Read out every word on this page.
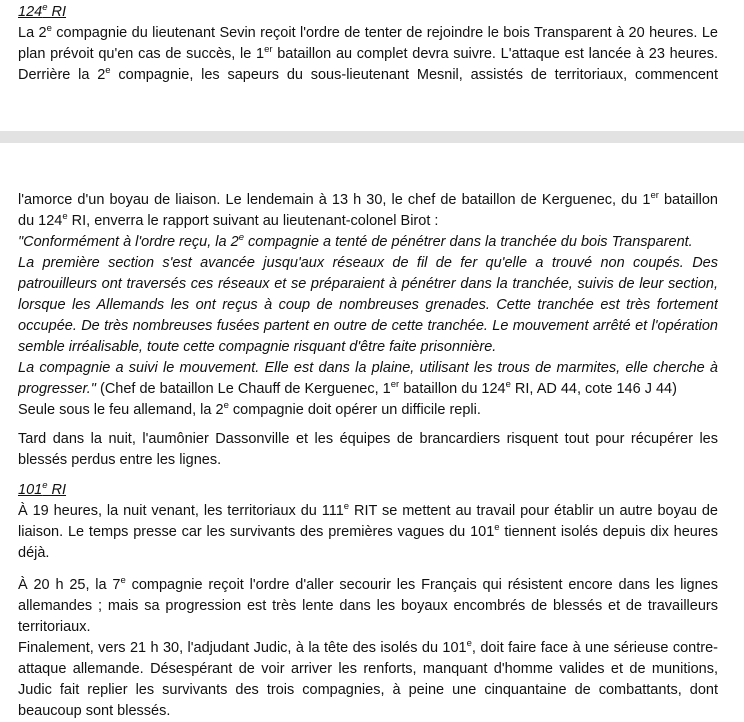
124e RI
La 2e compagnie du lieutenant Sevin reçoit l'ordre de tenter de rejoindre le bois Transparent à 20 heures. Le
plan prévoit qu'en cas de succès, le 1er bataillon au complet devra suivre. L'attaque est lancée à 23 heures.
Derrière la 2e compagnie, les sapeurs du sous-lieutenant Mesnil, assistés de territoriaux, commencent
l'amorce d'un boyau de liaison. Le lendemain à 13 h 30, le chef de bataillon de Kerguenec, du 1er bataillon
du 124e RI, enverra le rapport suivant au lieutenant-colonel Birot :
"Conformément à l'ordre reçu, la 2e compagnie a tenté de pénétrer dans la tranchée du bois Transparent.
La première section s'est avancée jusqu'aux réseaux de fil de fer qu'elle a trouvé non coupés. Des
patrouilleurs ont traversés ces réseaux et se préparaient à pénétrer dans la tranchée, suivis de leur section,
lorsque les Allemands les ont reçus à coup de nombreuses grenades. Cette tranchée est très fortement
occupée. De très nombreuses fusées partent en outre de cette tranchée. Le mouvement arrêté et l'opération
semble irréalisable, toute cette compagnie risquant d'être faite prisonnière.
La compagnie a suivi le mouvement. Elle est dans la plaine, utilisant les trous de marmites, elle cherche à
progresser." (Chef de bataillon Le Chauff de Kerguenec, 1er bataillon du 124e RI, AD 44, cote 146 J 44)
Seule sous le feu allemand, la 2e compagnie doit opérer un difficile repli.
Tard dans la nuit, l'aumônier Dassonville et les équipes de brancardiers risquent tout pour récupérer les
blessés perdus entre les lignes.
101e RI
À 19 heures, la nuit venant, les territoriaux du 111e RIT se mettent au travail pour établir un autre boyau de
liaison. Le temps presse car les survivants des premières vagues du 101e tiennent isolés depuis dix heures
déjà.
À 20 h 25, la 7e compagnie reçoit l'ordre d'aller secourir les Français qui résistent encore dans les lignes
allemandes ; mais sa progression est très lente dans les boyaux encombrés de blessés et de travailleurs
territoriaux.
Finalement, vers 21 h 30, l'adjudant Judic, à la tête des isolés du 101e, doit faire face à une sérieuse contre-
attaque allemande. Désespérant de voir arriver les renforts, manquant d'homme valides et de munitions,
Judic fait replier les survivants des trois compagnies, à peine une cinquantaine de combattants, dont
beaucoup sont blessés.
